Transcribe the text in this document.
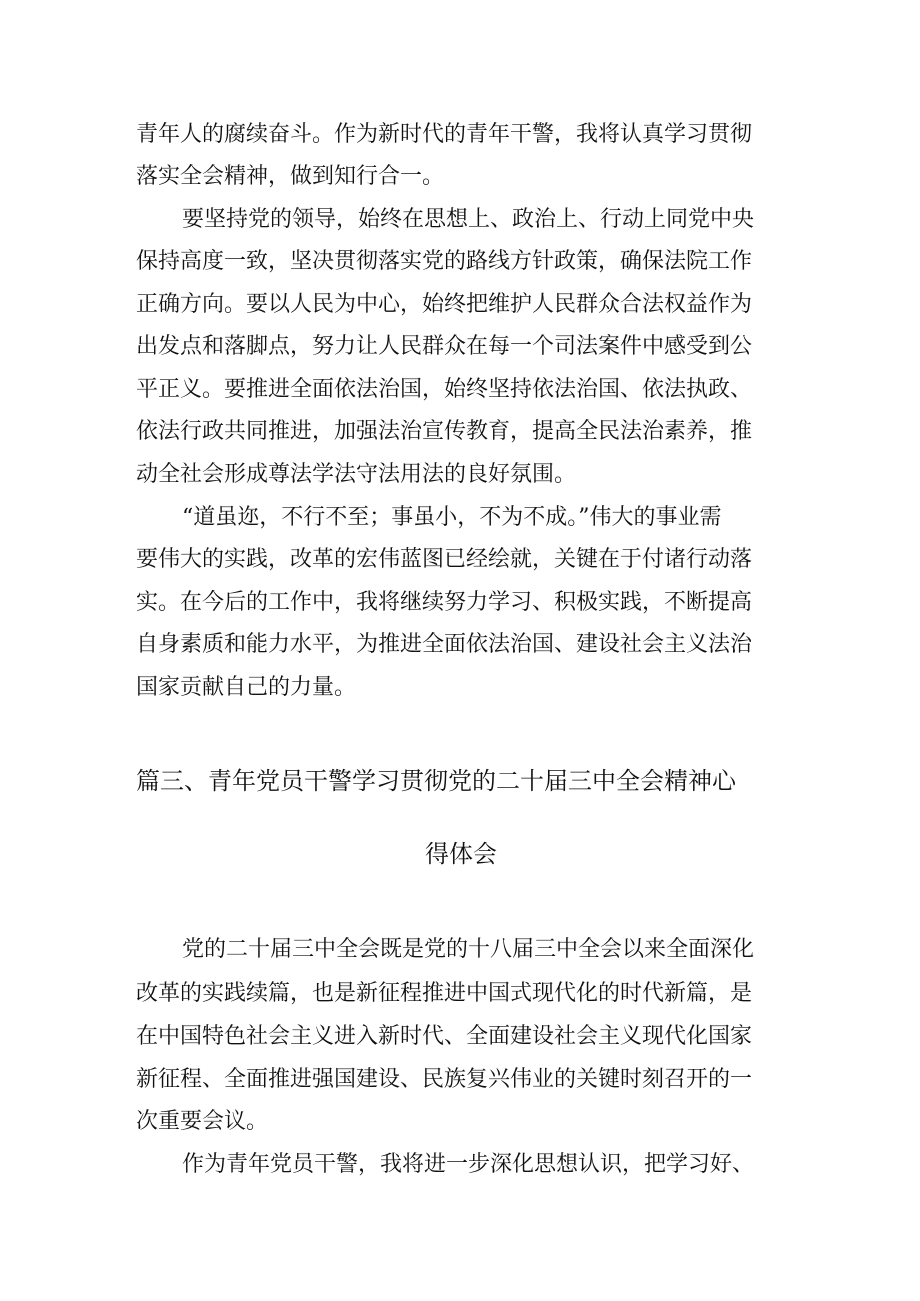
青年人的腐续奋斗。作为新时代的青年干警，我将认真学习贯彻

落实全会精神，做到知行合一。

要坚持党的领导，始终在思想上、政治上、行动上同党中央

保持高度一致，坚决贯彻落实党的路线方针政策，确保法院工作

正确方向。要以人民为中心，始终把维护人民群众合法权益作为

出发点和落脚点，努力让人民群众在每一个司法案件中感受到公

平正义。要推进全面依法治国，始终坚持依法治国、依法执政、

依法行政共同推进，加强法治宣传教育，提高全民法治素养，推

动全社会形成尊法学法守法用法的良好氛围。

“道虽迩，不行不至；事虽小，不为不成。”伟大的事业需

要伟大的实践，改革的宏伟蓝图已经绘就，关键在于付诸行动落

实。在今后的工作中，我将继续努力学习、积极实践，不断提高

自身素质和能力水平，为推进全面依法治国、建设社会主义法治

国家贡献自己的力量。

篇三、青年党员干警学习贯彻党的二十届三中全会精神心
得体会

党的二十届三中全会既是党的十八届三中全会以来全面深化

改革的实践续篇，也是新征程推进中国式现代化的时代新篇，是

在中国特色社会主义进入新时代、全面建设社会主义现代化国家

新征程、全面推进强国建设、民族复兴伟业的关键时刻召开的一

次重要会议。

作为青年党员干警，我将进一步深化思想认识，把学习好、
